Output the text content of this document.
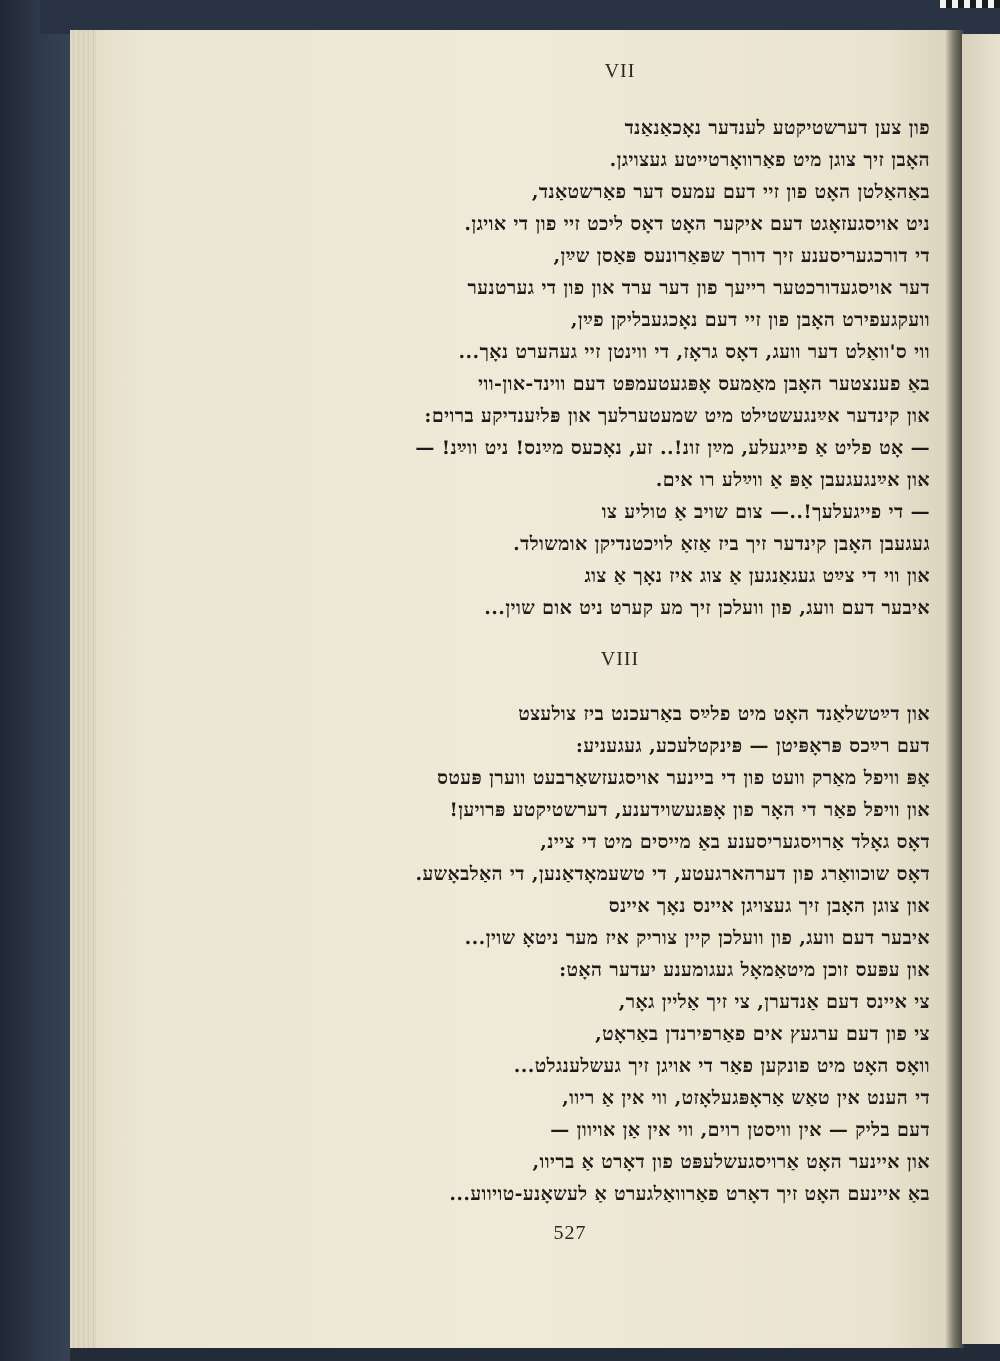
VII
פון צען דערשטיקטע לענדער נאָכאַנאַנד
האָבן זיך צוגן מיט פאַרוואָרטייטע געצויגן.
באַהאַלטן האָט פון זיי דעם עמעס דער פאַרשטאַנד,
ניט אויסגעזאָגט דעם איקער האָט דאָס ליכט זיי פון די אויגן.
די דורכגעריסענע זיך דורך שפּאַרונעס פּאַסן שײַן,
דער אויסגעדורכטער רייעך פון דער ערד און פון די גערטנער
וועקגעפירט האָבן פון זיי דעם נאָכגעבליקן פײַן,
ווי ס'וואַלט דער וועג, דאָס גראָז, די ווינטן זיי געהערט נאָך...
באַ פענצטער האָבן מאַמעס אָפּגעטעמפּט דעם ווינד-און-ווי
און קינדער אײַנגעשטילט מיט שמעטערלעך און פּליִענדיקע ברוים:
— אָט פליט אַ פייגעלע, מײַן זונ!.. זע, נאָכעס מײַנס! ניט ווײַנ! —
און אײַנגעגעבן אַפּ אַ ווײַלע רו אים.
— די פייגעלעך!..— צום שויב אַ טוליע צו
געגעבן האָבן קינדער זיך ביז אַזאַ לויכטנדיקן אומשולד.
און ווי די צײַט געגאַנגען אַ צוג איז נאָך אַ צוג
איבער דעם וועג, פון וועלכן זיך מע קערט ניט אום שוין...
VIII
און דײַטשלאַנד האָט מיט פלײַס באַרעכנט ביז צולעצט
דעם רײַכס פּראָפּיטן — פּינקטלעכע, געגעניע:
אַפּ וויפל מאַרק וועט פון די ביינער אויסגעזשאַרבעט ווערן פּעטס
און וויפל פאַר די האָר פון אָפּגעשוידענע, דערשטיקטע פּרויען!
דאָס גאָלד אַרויסגעריסענע באַ מייסים מיט די ציינ,
דאָס שוכוואַרג פון דערהארגעטע, די טשעמאָדאַנען, די האַלבאָשע.
און צוגן האָבן זיך געצויגן איינס נאָך איינס
איבער דעם וועג, פון וועלכן קיין צוריק איז מער ניטאָ שוין...
און עפּעס זוכן מיטאַמאָל געגומענע יעדער האָט:
צי איינס דעם אַנדערן, צי זיך אַליין גאָר,
צי פון דעם ערגעץ אים פאַרפירנדן באַראָט,
וואָס האָט מיט פונקען פאַר די אויגן זיך געשלענגלט...
די הענט אין טאַש אַראָפּגעלאָזט, ווי אין אַ ריוו,
דעם בליק — אין וויסטן רוים, ווי אין אַן אויוון —
און איינער האָט אַרויסגעשלעפּט פון דאָרט אַ בריוו,
באַ איינעם האָט זיך דאָרט פאַרוואַלגערט אַ לעשאָנע-טויווע...
527
